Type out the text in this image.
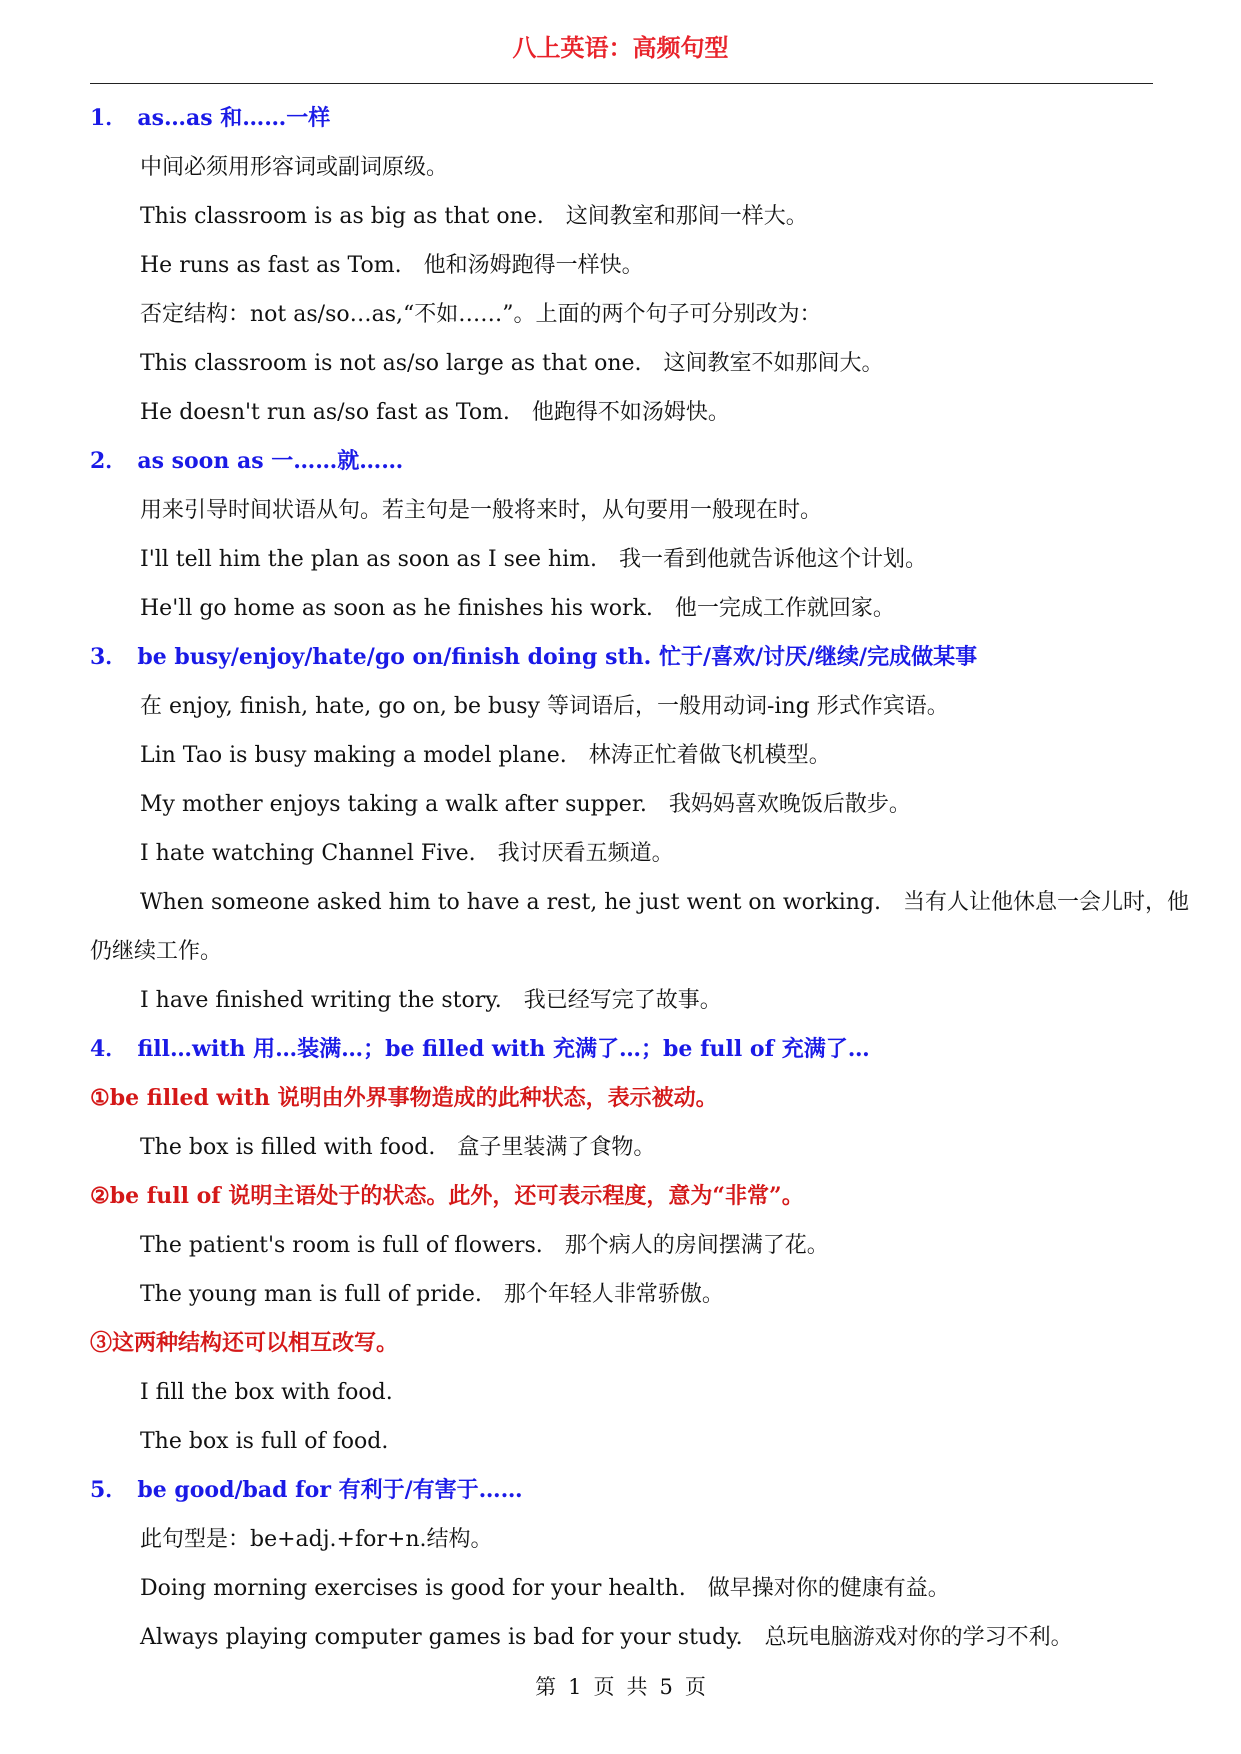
八上英语：高频句型
1． as…as 和……一样
中间必须用形容词或副词原级。
This classroom is as big as that one.　这间教室和那间一样大。
He runs as fast as Tom.　他和汤姆跑得一样快。
否定结构：not as/so…as,“不如……”。上面的两个句子可分别改为：
This classroom is not as/so large as that one.　这间教室不如那间大。
He doesn't run as/so fast as Tom.　他跑得不如汤姆快。
2． as soon as 一……就……
用来引导时间状语从句。若主句是一般将来时，从句要用一般现在时。
I'll tell him the plan as soon as I see him.　我一看到他就告诉他这个计划。
He'll go home as soon as he finishes his work.　他一完成工作就回家。
3． be busy/enjoy/hate/go on/finish doing sth. 忙于/喜欢/讨厌/继续/完成做某事
在 enjoy, finish, hate, go on, be busy 等词语后，一般用动词-ing 形式作宾语。
Lin Tao is busy making a model plane.　林涛正忙着做飞机模型。
My mother enjoys taking a walk after supper.　我妈妈喜欢晚饭后散步。
I hate watching Channel Five.　我讨厌看五频道。
When someone asked him to have a rest, he just went on working.　当有人让他休息一会儿时，他
仍继续工作。
I have finished writing the story.　我已经写完了故事。
4． fill…with 用…装满…；be filled with 充满了…；be full of 充满了…
①be filled with 说明由外界事物造成的此种状态，表示被动。
The box is filled with food.　盒子里装满了食物。
②be full of 说明主语处于的状态。此外，还可表示程度，意为“非常”。
The patient's room is full of flowers.　那个病人的房间摆满了花。
The young man is full of pride.　那个年轻人非常骄傲。
③这两种结构还可以相互改写。
I fill the box with food.
The box is full of food.
5． be good/bad for 有利于/有害于……
此句型是：be+adj.+for+n.结构。
Doing morning exercises is good for your health.　做早操对你的健康有益。
Always playing computer games is bad for your study.　总玩电脑游戏对你的学习不利。
第 1 页 共 5 页
